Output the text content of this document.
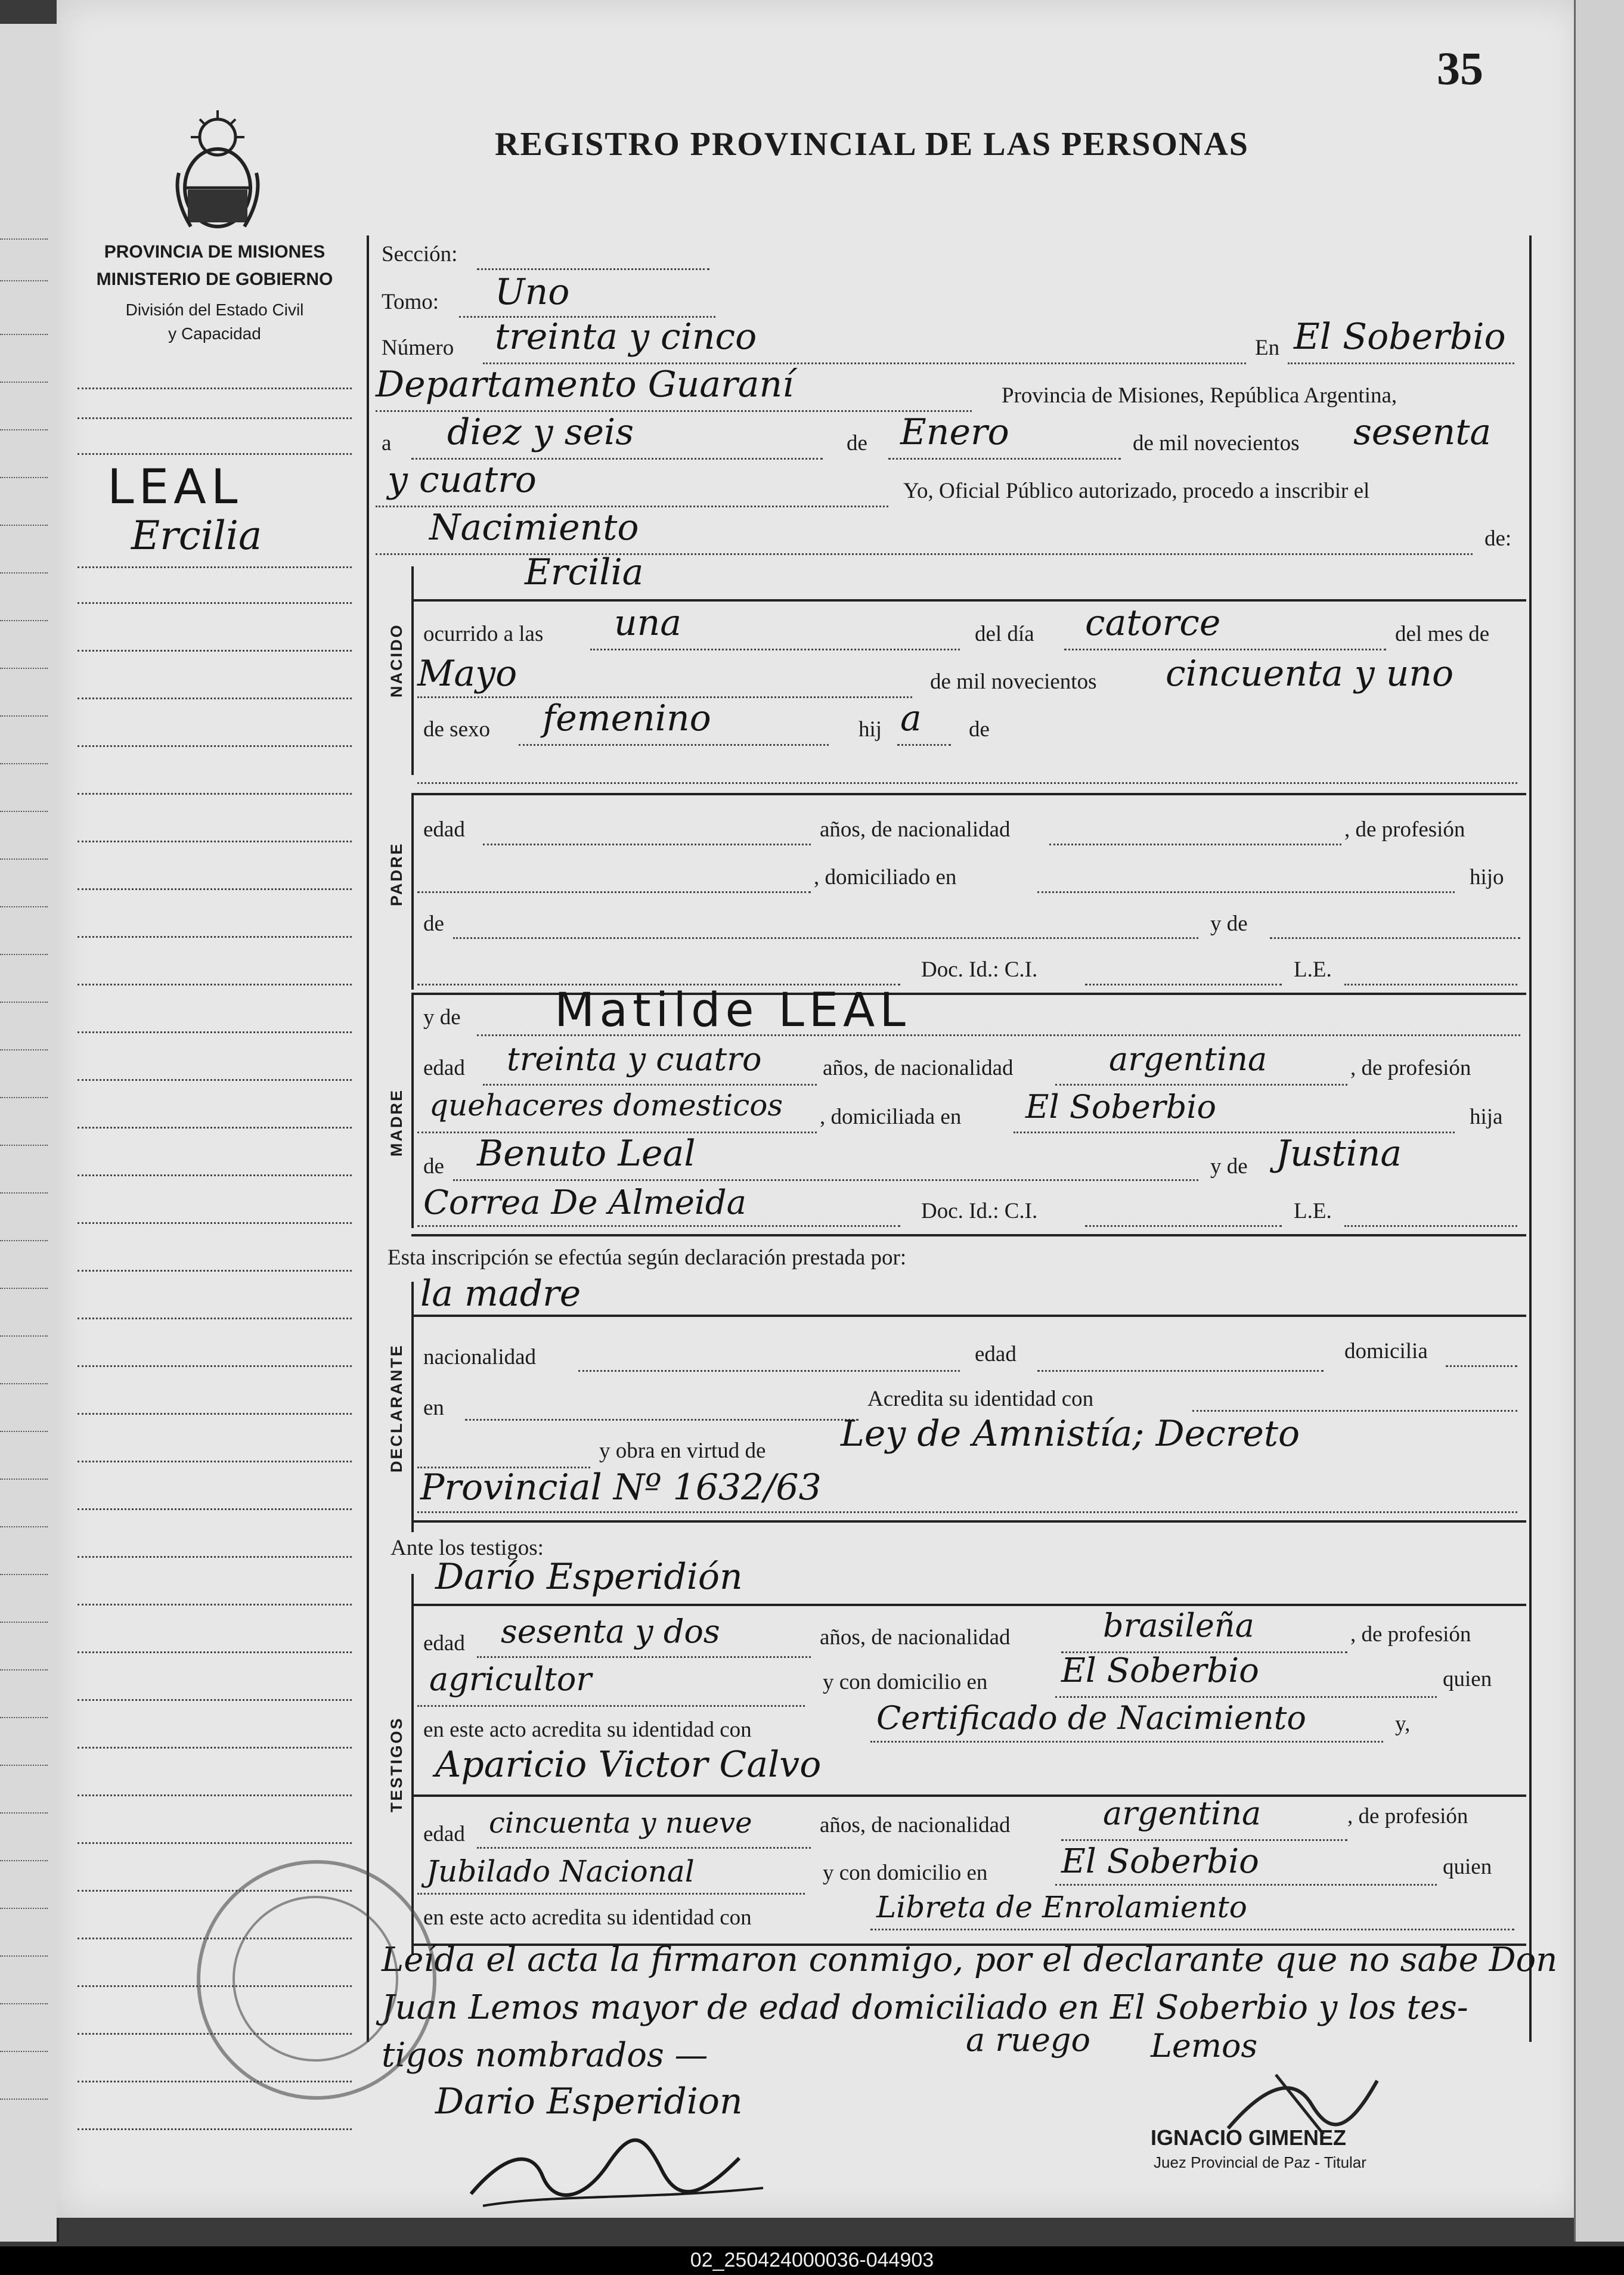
35
REGISTRO PROVINCIAL DE LAS PERSONAS
PROVINCIA DE MISIONES
MINISTERIO DE GOBIERNO
División del Estado Civil
y Capacidad
LEAL
Ercilia
Sección:
Tomo: Uno
Número treinta y cinco	En El Soberbio
Departamento Guaraní	Provincia de Misiones, República Argentina,
a diez y seis	de Enero	de mil novecientos sesenta
y cuatro	Yo, Oficial Público autorizado, procedo a inscribir el
Nacimiento	de:
NACIDO
Ercilia
ocurrido a las una	del día catorce	del mes de
Mayo	de mil novecientos cincuenta y uno
de sexo femenino	hij a de
PADRE
edad	años, de nacionalidad	, de profesión
, domiciliado en	hijo
de	y de
Doc. Id.: C.I.	L.E.
MADRE
y de Matilde LEAL
edad treinta y cuatro	años, de nacionalidad	argentina	, de profesión
quehaceres domesticos , domiciliada en El Soberbio	hija
de Benuto Leal	y de Justina
Correa De Almeida	Doc. Id.: C.I.	L.E.
Esta inscripción se efectúa según declaración prestada por:
DECLARANTE
la madre
nacionalidad	edad	domicilia
en	Acredita su identidad con
y obra en virtud de Ley de Amnistía; Decreto
Provincial Nº 1632/63
Ante los testigos:
TESTIGOS
Darío Esperidión
edad sesenta y dos	años, de nacionalidad	brasileña	, de profesión
agricultor	y con domicilio en El Soberbio	quien
en este acto acredita su identidad con	Certificado de Nacimiento	y,
Aparicio Victor Calvo
edad cincuenta y nueve	años, de nacionalidad	argentina	, de profesión
Jubilado Nacional	y con domicilio en El Soberbio	quien
en este acto acredita su identidad con	Libreta de Enrolamiento
Leída el acta la firmaron conmigo, por el declarante que no sabe Don
Juan Lemos mayor de edad domiciliado en El Soberbio y los tes-
tigos nombrados —	a ruego Lemos
Dario Esperidion
IGNACIO GIMENEZ
Juez Provincial de Paz - Titular
02_250424000036-044903
